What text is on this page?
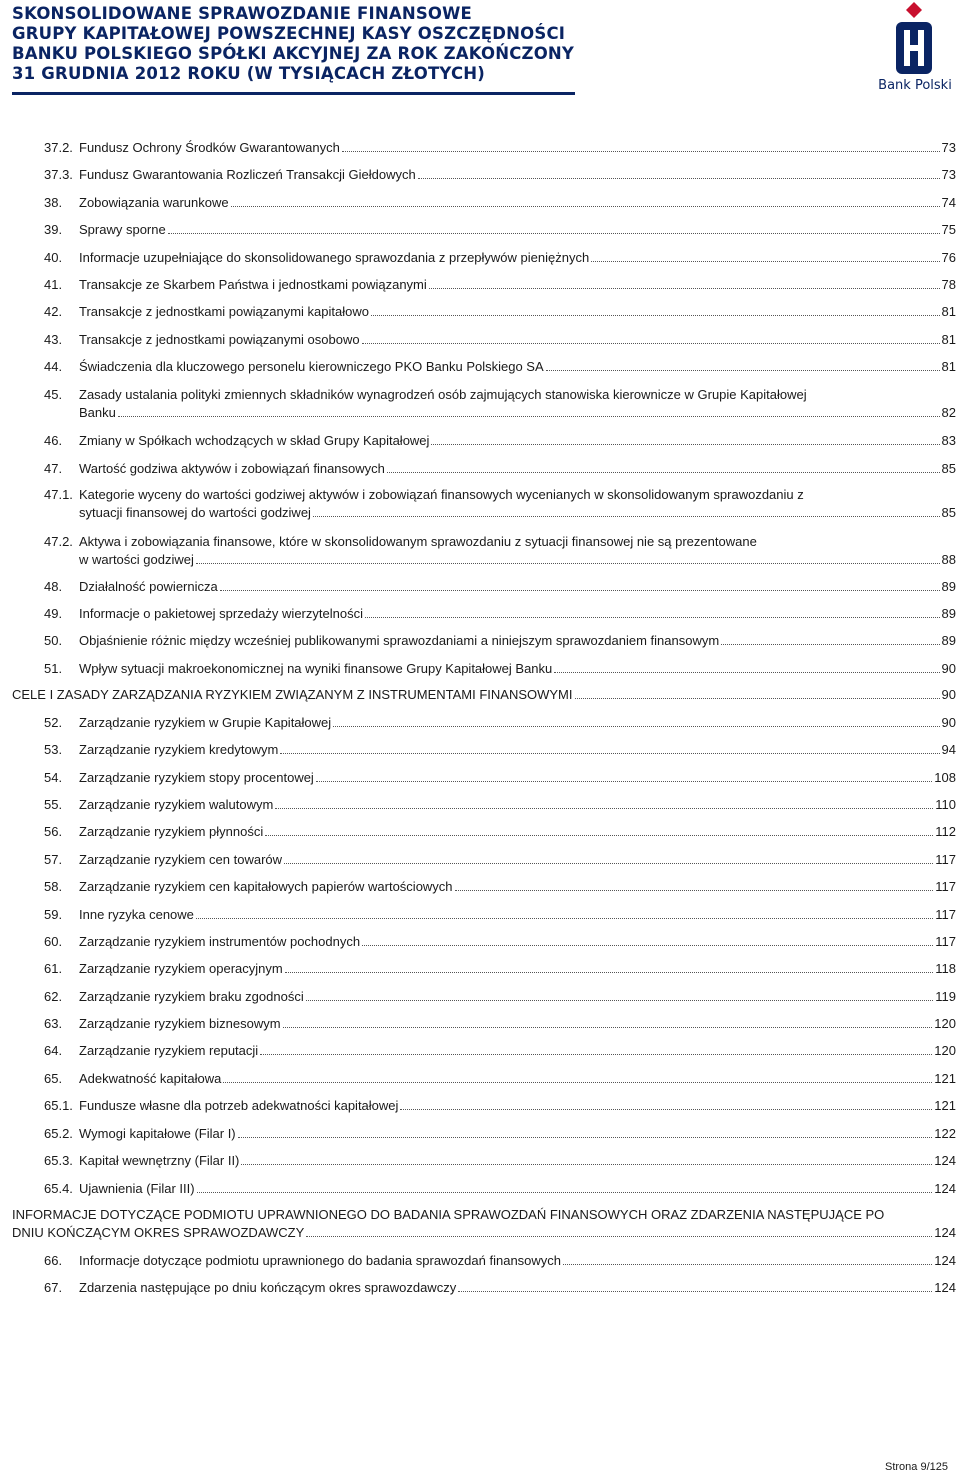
SKONSOLIDOWANE SPRAWOZDANIE FINANSOWE
GRUPY KAPITAŁOWEJ POWSZECHNEJ KASY OSZCZĘDNOŚCI
BANKU POLSKIEGO SPÓŁKI AKCYJNEJ ZA ROK ZAKOŃCZONY
31 GRUDNIA 2012 ROKU (W TYSIĄCACH ZŁOTYCH)
Bank Polski
37.2. Fundusz Ochrony Środków Gwarantowanych	73
37.3. Fundusz Gwarantowania Rozliczeń Transakcji Giełdowych	73
38. Zobowiązania warunkowe	74
39. Sprawy sporne	75
40. Informacje uzupełniające do skonsolidowanego sprawozdania z przepływów pieniężnych	76
41. Transakcje ze Skarbem Państwa i jednostkami powiązanymi	78
42. Transakcje z jednostkami powiązanymi kapitałowo	81
43. Transakcje z jednostkami powiązanymi osobowo	81
44. Świadczenia dla kluczowego personelu kierowniczego PKO Banku Polskiego SA	81
45. Zasady ustalania polityki zmiennych składników wynagrodzeń osób zajmujących stanowiska kierownicze w Grupie Kapitałowej
Banku	82
46. Zmiany w Spółkach wchodzących w skład Grupy Kapitałowej	83
47. Wartość godziwa aktywów i zobowiązań finansowych	85
47.1. Kategorie wyceny do wartości godziwej aktywów i zobowiązań finansowych wycenianych w skonsolidowanym sprawozdaniu z
sytuacji finansowej do wartości godziwej	85
47.2. Aktywa i zobowiązania finansowe, które w skonsolidowanym sprawozdaniu z sytuacji finansowej nie są prezentowane
w wartości godziwej	88
48. Działalność powiernicza	89
49. Informacje o pakietowej sprzedaży wierzytelności	89
50. Objaśnienie różnic między wcześniej publikowanymi sprawozdaniami a niniejszym sprawozdaniem finansowym	89
51. Wpływ sytuacji makroekonomicznej na wyniki finansowe Grupy Kapitałowej Banku	90
CELE I ZASADY ZARZĄDZANIA RYZYKIEM ZWIĄZANYM Z INSTRUMENTAMI FINANSOWYMI	90
52. Zarządzanie ryzykiem w Grupie Kapitałowej	90
53. Zarządzanie ryzykiem kredytowym	94
54. Zarządzanie ryzykiem stopy procentowej	108
55. Zarządzanie ryzykiem walutowym	110
56. Zarządzanie ryzykiem płynności	112
57. Zarządzanie ryzykiem cen towarów	117
58. Zarządzanie ryzykiem cen kapitałowych papierów wartościowych	117
59. Inne ryzyka cenowe	117
60. Zarządzanie ryzykiem instrumentów pochodnych	117
61. Zarządzanie ryzykiem operacyjnym	118
62. Zarządzanie ryzykiem braku zgodności	119
63. Zarządzanie ryzykiem biznesowym	120
64. Zarządzanie ryzykiem reputacji	120
65. Adekwatność kapitałowa	121
65.1. Fundusze własne dla potrzeb adekwatności kapitałowej	121
65.2. Wymogi kapitałowe (Filar I)	122
65.3. Kapitał wewnętrzny (Filar II)	124
65.4. Ujawnienia (Filar III)	124
INFORMACJE DOTYCZĄCE PODMIOTU UPRAWNIONEGO DO BADANIA SPRAWOZDAŃ FINANSOWYCH ORAZ ZDARZENIA NASTĘPUJĄCE PO
DNIU KOŃCZĄCYM OKRES SPRAWOZDAWCZY	124
66. Informacje dotyczące podmiotu uprawnionego do badania sprawozdań finansowych	124
67. Zdarzenia następujące po dniu kończącym okres sprawozdawczy	124
Strona 9/125
